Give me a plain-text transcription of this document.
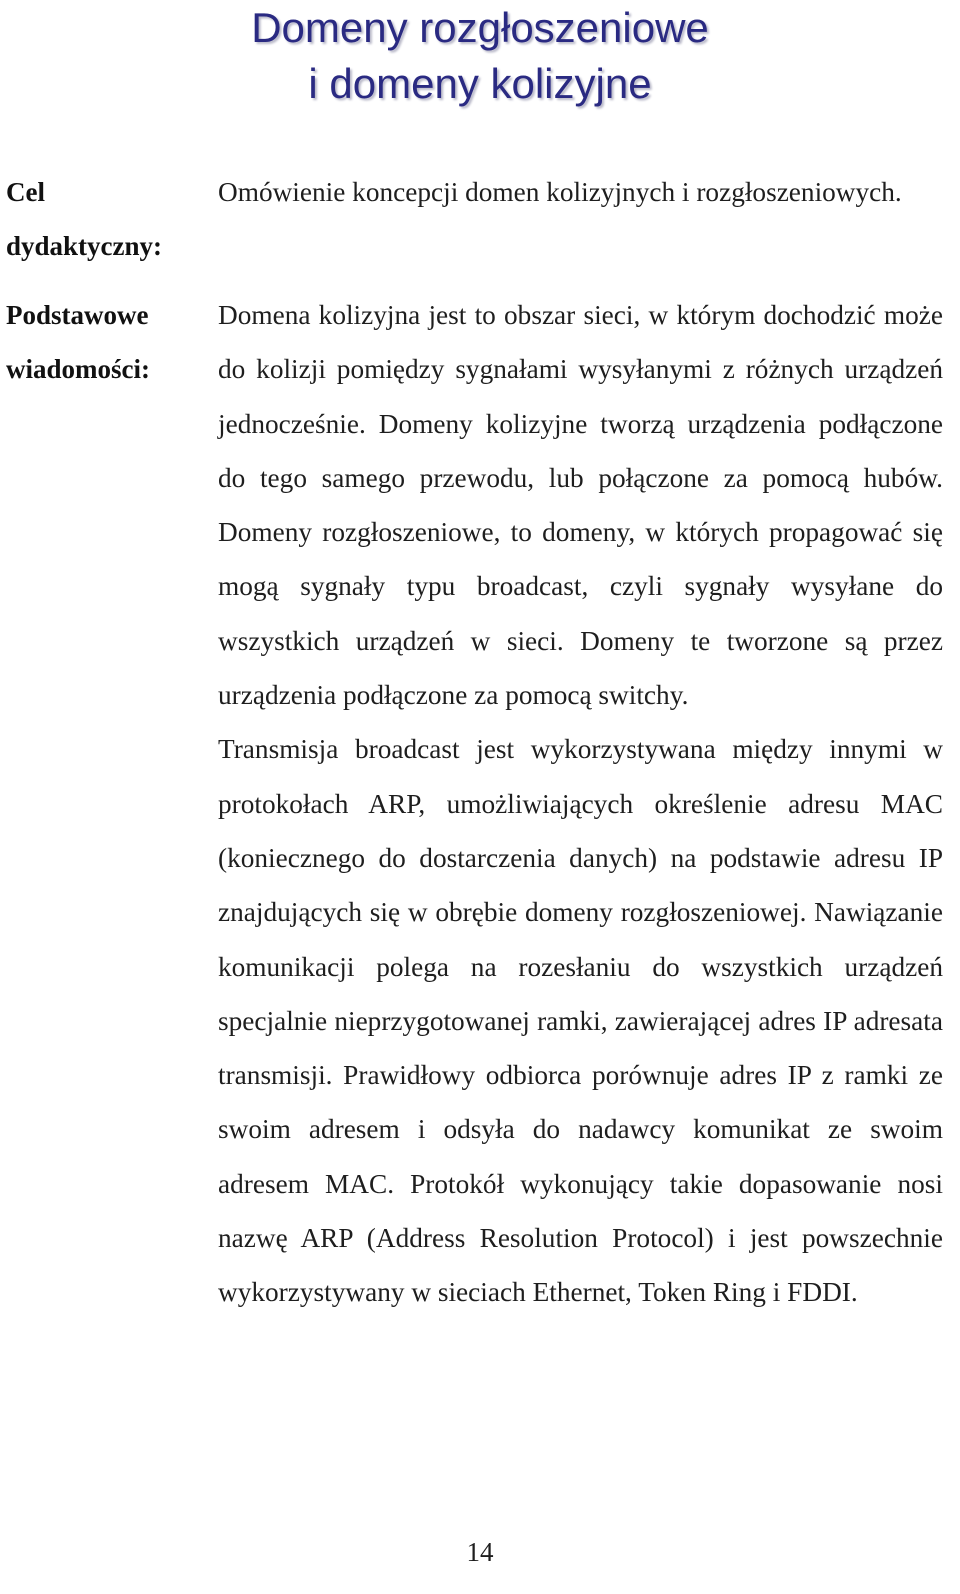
Domeny rozgłoszeniowe
i domeny kolizyjne
Cel
dydaktyczny:

Omówienie koncepcji domen kolizyjnych i rozgłoszeniowych.

Podstawowe
wiadomości:

Domena kolizyjna jest to obszar sieci, w którym dochodzić może do kolizji pomiędzy sygnałami wysyłanymi z różnych urządzeń jednocześnie. Domeny kolizyjne tworzą urządzenia podłączone do tego samego przewodu, lub połączone za pomocą hubów. Domeny rozgłoszeniowe, to domeny, w których propagować się mogą sygnały typu broadcast, czyli sygnały wysyłane do wszystkich urządzeń w sieci. Domeny te tworzone są przez urządzenia podłączone za pomocą switchy.

Transmisja broadcast jest wykorzystywana między innymi w protokołach ARP, umożliwiających określenie adresu MAC (koniecznego do dostarczenia danych) na podstawie adresu IP znajdujących się w obrębie domeny rozgłoszeniowej. Nawiązanie komunikacji polega na rozesłaniu do wszystkich urządzeń specjalnie nieprzygotowanej ramki, zawierającej adres IP adresata transmisji. Prawidłowy odbiorca porównuje adres IP z ramki ze swoim adresem i odsyła do nadawcy komunikat ze swoim adresem MAC. Protokół wykonujący takie dopasowanie nosi nazwę ARP (Address Resolution Protocol) i jest powszechnie wykorzystywany w sieciach Ethernet, Token Ring i FDDI.

14
